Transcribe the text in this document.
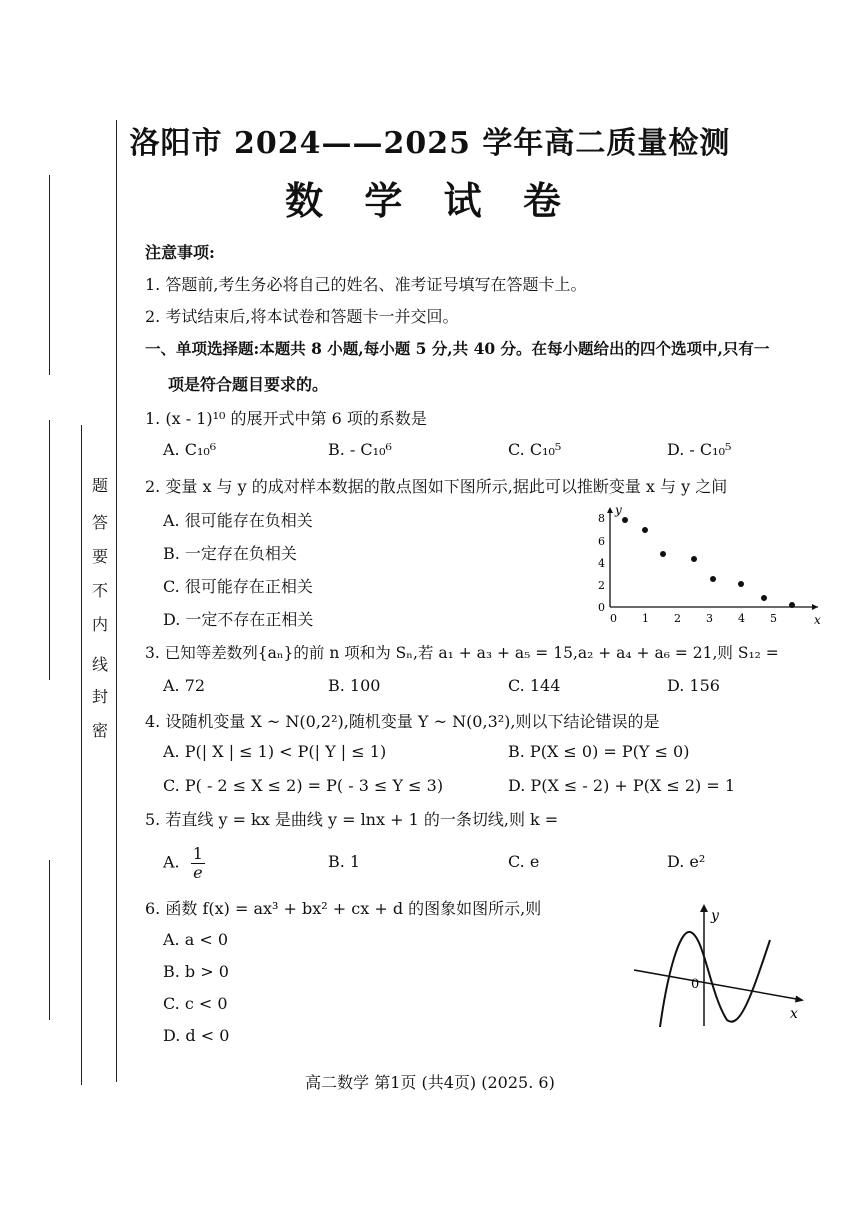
题
答
要
不
内
线
封
密
洛阳市 2024——2025 学年高二质量检测
数 学 试 卷
注意事项:
1. 答题前,考生务必将自己的姓名、准考证号填写在答题卡上。
2. 考试结束后,将本试卷和答题卡一并交回。
一、单项选择题:本题共 8 小题,每小题 5 分,共 40 分。在每小题给出的四个选项中,只有一
项是符合题目要求的。
1. (x - 1)¹⁰ 的展开式中第 6 项的系数是
A. C₁₀⁶	B. - C₁₀⁶	C. C₁₀⁵	D. - C₁₀⁵
2. 变量 x 与 y 的成对样本数据的散点图如下图所示,据此可以推断变量 x 与 y 之间
A. 很可能存在负相关
B. 一定存在负相关
C. 很可能存在正相关
D. 一定不存在正相关
y
x
0
2
4
6
8
0 1 2 3 4 5
3. 已知等差数列{aₙ}的前 n 项和为 Sₙ,若 a₁ + a₃ + a₅ = 15,a₂ + a₄ + a₆ = 21,则 S₁₂ =
A. 72	B. 100	C. 144	D. 156
4. 设随机变量 X ~ N(0,2²),随机变量 Y ~ N(0,3²),则以下结论错误的是
A. P(| X | ≤ 1) < P(| Y | ≤ 1)	B. P(X ≤ 0) = P(Y ≤ 0)
C. P( - 2 ≤ X ≤ 2) = P( - 3 ≤ Y ≤ 3)	D. P(X ≤ - 2) + P(X ≤ 2) = 1
5. 若直线 y = kx 是曲线 y = lnx + 1 的一条切线,则 k =
A. $\frac{1}{e}$	B. 1	C. e	D. e²
6. 函数 f(x) = ax³ + bx² + cx + d 的图象如图所示,则
A. a < 0
B. b > 0
C. c < 0
D. d < 0
y
x
0
高二数学 第1页 (共4页) (2025. 6)
